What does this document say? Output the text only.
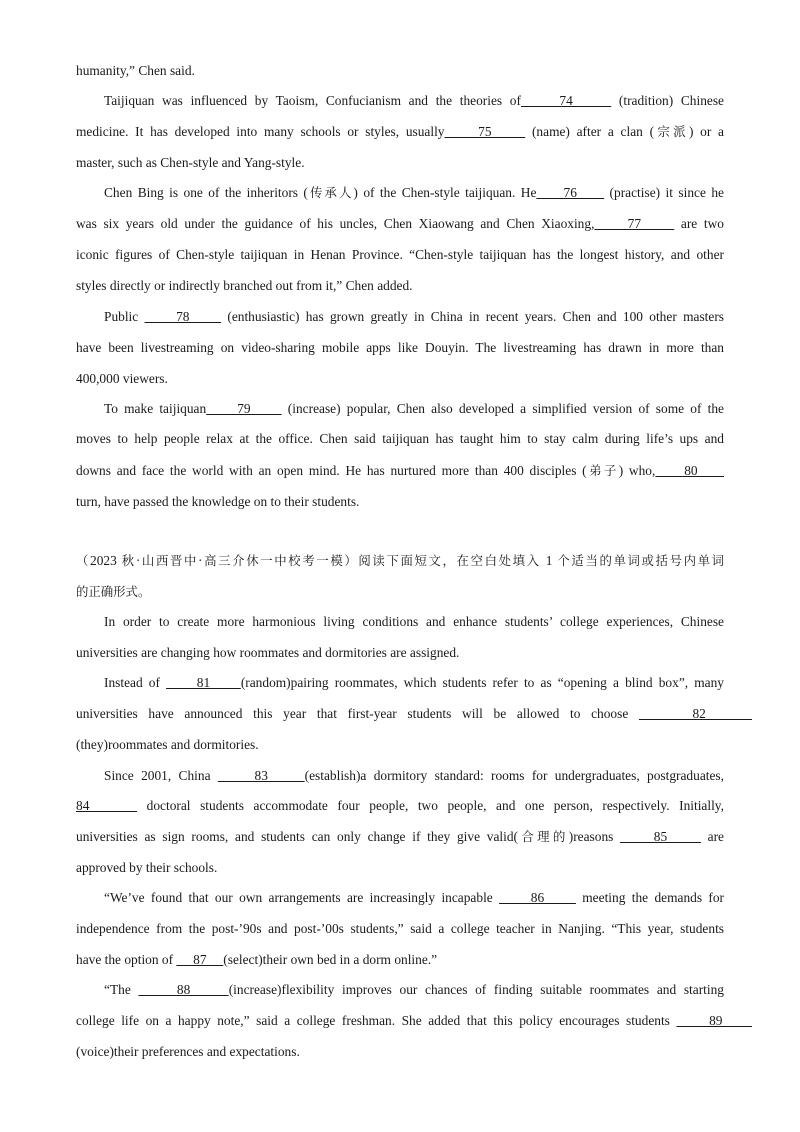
humanity,” Chen said.
Taijiquan was influenced by Taoism, Confucianism and the theories of     74      (tradition) Chinese
medicine. It has developed into many schools or styles, usually     75      (name) after a clan (宗派) or a
master, such as Chen-style and Yang-style.
Chen Bing is one of the inheritors (传承人) of the Chen-style taijiquan. He     76      (practise) it since he
was six years old under the guidance of his uncles, Chen Xiaowang and Chen Xiaoxing,     77      are two
iconic figures of Chen-style taijiquan in Henan Province. “Chen-style taijiquan has the longest history, and other
styles directly or indirectly branched out from it,” Chen added.
Public      78      (enthusiastic) has grown greatly in China in recent years. Chen and 100 other masters
have been livestreaming on video-sharing mobile apps like Douyin. The livestreaming has drawn in more than
400,000 viewers.
To make taijiquan     79      (increase) popular, Chen also developed a simplified version of some of the
moves to help people relax at the office. Chen said taijiquan has taught him to stay calm during life’s ups and
downs and face the world with an open mind. He has nurtured more than 400 disciples (弟子) who,     80
turn, have passed the knowledge on to their students.
（2023 秋·山西晋中·高三介休一中校考一模）阅读下面短文，在空白处填入 1 个适当的单词或括号内单词
的正确形式。
In order to create more harmonious living conditions and enhance students’ college experiences, Chinese
universities are changing how roommates and dormitories are assigned.
Instead of      81     (random)pairing roommates, which students refer to as “opening a blind box”, many
universities have announced this year that first-year students will be allowed to choose      82
(they)roommates and dormitories.
Since 2001, China      83     (establish)a dormitory standard: rooms for undergraduates, postgraduates,
84      doctoral students accommodate four people, two people, and one person, respectively. Initially,
universities as sign rooms, and students can only change if they give valid(合理的)reasons      85      are
approved by their schools.
“We’ve found that our own arrangements are increasingly incapable      86      meeting the demands for
independence from the post-’90s and post-’00s students,” said a college teacher in Nanjing. “This year, students
have the option of      87     (select)their own bed in a dorm online.”
“The      88     (increase)flexibility improves our chances of finding suitable roommates and starting
college life on a happy note,” said a college freshman. She added that this policy encourages students      89
(voice)their preferences and expectations.
